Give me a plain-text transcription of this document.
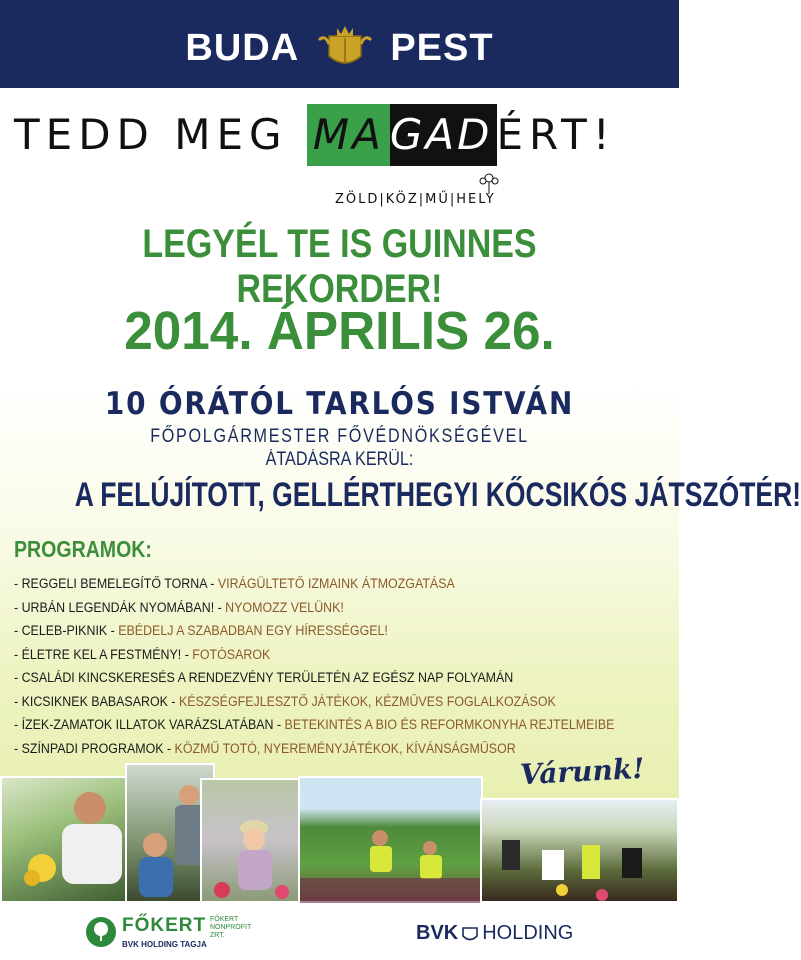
BUDA PEST
TEDD MEG MA GADÉRT!
ZÖLD|KÖZ|MŰ|HELY
LEGYÉL TE IS GUINNES REKORDER!
2014. ÁPRILIS 26.
10 ÓRÁTÓL TARLÓS ISTVÁN
FŐPOLGÁRMESTER FŐVÉDNÖKSÉGÉVEL
ÁTADÁSRA KERÜL:
A FELÚJÍTOTT, GELLÉRTHEGYI KŐCSIKÓS JÁTSZÓTÉR!
PROGRAMOK:
- REGGELI BEMELEGÍTŐ TORNA - VIRÁGÜLTETŐ IZMAINK ÁTMOZGATÁSA
- URBÁN LEGENDÁK NYOMÁBAN! - NYOMOZZ VELÜNK!
- CELEB-PIKNIK - EBÉDELJ A SZABADBAN EGY HÍRESSÉGGEL!
- ÉLETRE KEL A FESTMÉNY! - FOTÓSAROK
- CSALÁDI KINCSKERESÉS A RENDEZVÉNY TERÜLETÉN AZ EGÉSZ NAP FOLYAMÁN
- KICSIKNEK BABASAROK - KÉSZSÉGFEJLESZTŐ JÁTÉKOK, KÉZMŰVES FOGLALKOZÁSOK
- ÍZEK-ZAMATOK ILLATOK VARÁZSLATÁBAN - BETEKINTÉS A BIO ÉS REFORMKONYHA REJTELMEIBE
- SZÍNPADI PROGRAMOK - KÖZMŰ TOTÓ, NYEREMÉNYJÁTÉKOK, KÍVÁNSÁGMŰSOR
Várunk!
FŐKERT FŐKERT NONPROFIT ZRT.
BVK HOLDING TAGJA
BVK HOLDING
